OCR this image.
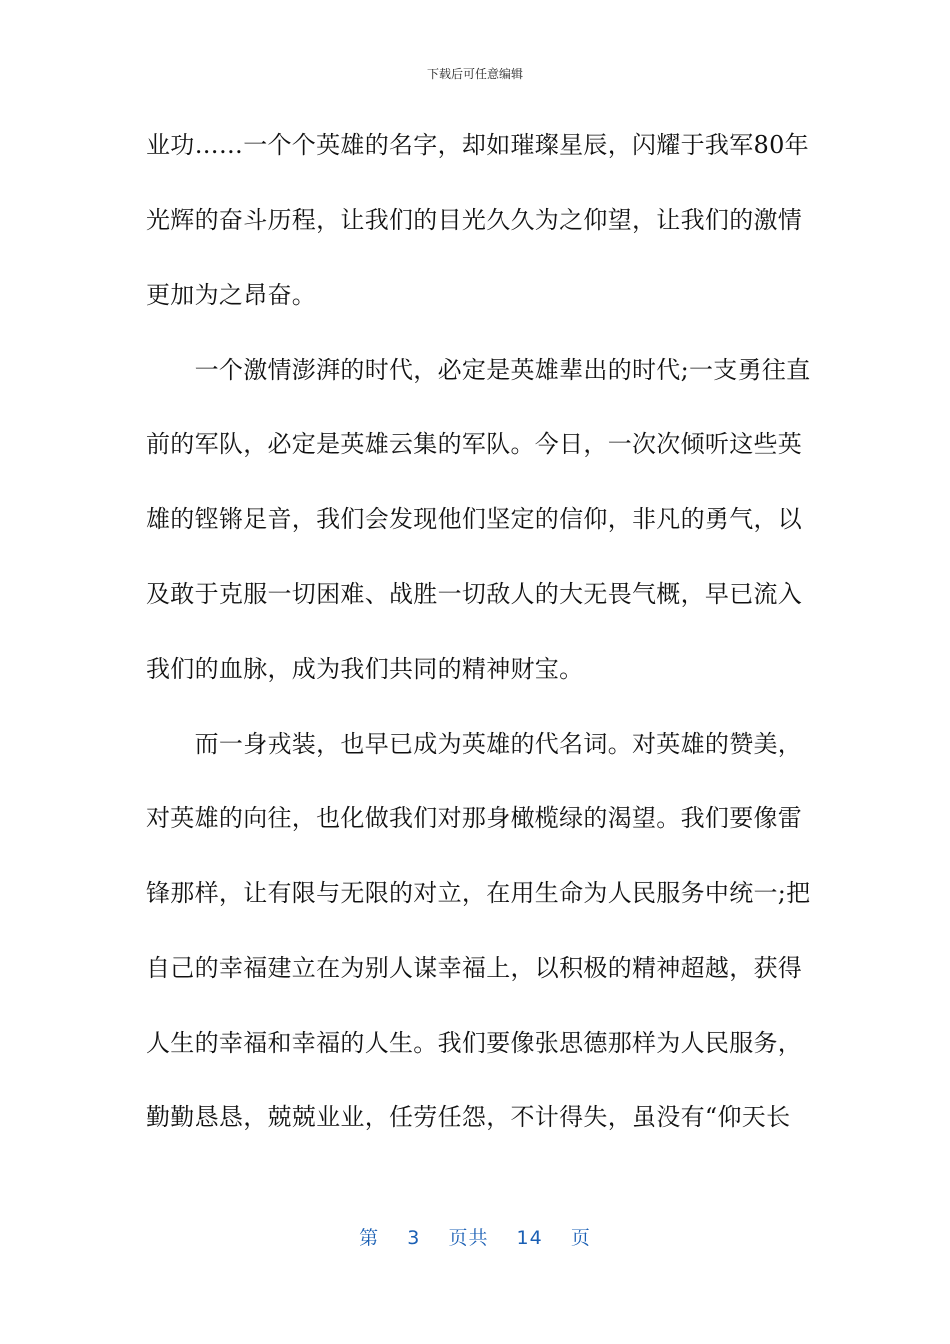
下载后可任意编辑
业功……一个个英雄的名字，却如璀璨星辰，闪耀于我军80年
光辉的奋斗历程，让我们的目光久久为之仰望，让我们的激情
更加为之昂奋。
　　一个激情澎湃的时代，必定是英雄辈出的时代;一支勇往直
前的军队，必定是英雄云集的军队。今日，一次次倾听这些英
雄的铿锵足音，我们会发现他们坚定的信仰，非凡的勇气，以
及敢于克服一切困难、战胜一切敌人的大无畏气概，早已流入
我们的血脉，成为我们共同的精神财宝。
　　而一身戎装，也早已成为英雄的代名词。对英雄的赞美，
对英雄的向往，也化做我们对那身橄榄绿的渴望。我们要像雷
锋那样，让有限与无限的对立，在用生命为人民服务中统一;把
自己的幸福建立在为别人谋幸福上，以积极的精神超越，获得
人生的幸福和幸福的人生。我们要像张思德那样为人民服务，
勤勤恳恳，兢兢业业，任劳任怨，不计得失，虽没有“仰天长
第 3 页共 14 页
